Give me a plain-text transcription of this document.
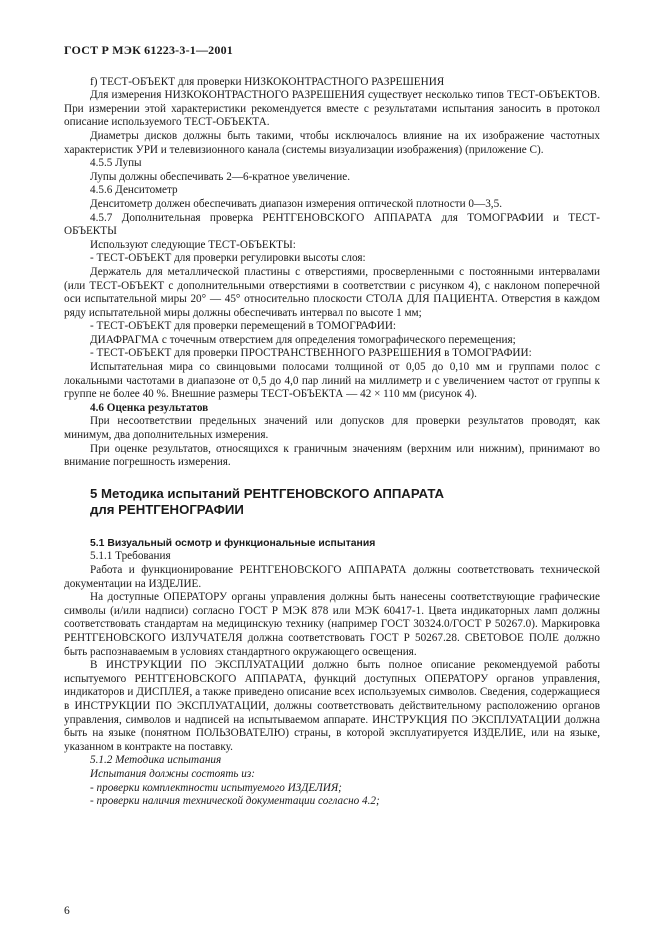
ГОСТ Р МЭК 61223-3-1—2001

f) ТЕСТ-ОБЪЕКТ для проверки НИЗКОКОНТРАСТНОГО РАЗРЕШЕНИЯ

Для измерения НИЗКОКОНТРАСТНОГО РАЗРЕШЕНИЯ существует несколько типов ТЕСТ-ОБЪЕКТОВ. При измерении этой характеристики рекомендуется вместе с результатами испытания заносить в протокол описание используемого ТЕСТ-ОБЪЕКТА.

Диаметры дисков должны быть такими, чтобы исключалось влияние на их изображение частотных характеристик УРИ и телевизионного канала (системы визуализации изображения) (приложение С).

4.5.5 Лупы

Лупы должны обеспечивать 2—6-кратное увеличение.

4.5.6 Денситометр

Денситометр должен обеспечивать диапазон измерения оптической плотности 0—3,5.

4.5.7 Дополнительная проверка РЕНТГЕНОВСКОГО АППАРАТА для ТОМОГРАФИИ и ТЕСТ-ОБЪЕКТЫ

Используют следующие ТЕСТ-ОБЪЕКТЫ:

- ТЕСТ-ОБЪЕКТ для проверки регулировки высоты слоя:

Держатель для металлической пластины с отверстиями, просверленными с постоянными интервалами (или ТЕСТ-ОБЪЕКТ с дополнительными отверстиями в соответствии с рисунком 4), с наклоном поперечной оси испытательной миры 20° — 45° относительно плоскости СТОЛА ДЛЯ ПАЦИЕНТА. Отверстия в каждом ряду испытательной миры должны обеспечивать интервал по высоте 1 мм;

- ТЕСТ-ОБЪЕКТ для проверки перемещений в ТОМОГРАФИИ:

ДИАФРАГМА с точечным отверстием для определения томографического перемещения;

- ТЕСТ-ОБЪЕКТ для проверки ПРОСТРАНСТВЕННОГО РАЗРЕШЕНИЯ в ТОМОГРАФИИ:

Испытательная мира со свинцовыми полосами толщиной от 0,05 до 0,10 мм и группами полос с локальными частотами в диапазоне от 0,5 до 4,0 пар линий на миллиметр и с увеличением частот от группы к группе не более 40 %. Внешние размеры ТЕСТ-ОБЪЕКТА — 42 × 110 мм (рисунок 4).

4.6 Оценка результатов

При несоответствии предельных значений или допусков для проверки результатов проводят, как минимум, два дополнительных измерения.

При оценке результатов, относящихся к граничным значениям (верхним или нижним), принимают во внимание погрешность измерения.

5 Методика испытаний РЕНТГЕНОВСКОГО АППАРАТА
для РЕНТГЕНОГРАФИИ

5.1 Визуальный осмотр и функциональные испытания

5.1.1 Требования

Работа и функционирование РЕНТГЕНОВСКОГО АППАРАТА должны соответствовать технической документации на ИЗДЕЛИЕ.

На доступные ОПЕРАТОРУ органы управления должны быть нанесены соответствующие графические символы (и/или надписи) согласно ГОСТ Р МЭК 878 или МЭК 60417-1. Цвета индикаторных ламп должны соответствовать стандартам на медицинскую технику (например ГОСТ 30324.0/ГОСТ Р 50267.0). Маркировка РЕНТГЕНОВСКОГО ИЗЛУЧАТЕЛЯ должна соответствовать ГОСТ Р 50267.28. СВЕТОВОЕ ПОЛЕ должно быть распознаваемым в условиях стандартного окружающего освещения.

В ИНСТРУКЦИИ ПО ЭКСПЛУАТАЦИИ должно быть полное описание рекомендуемой работы испытуемого РЕНТГЕНОВСКОГО АППАРАТА, функций доступных ОПЕРАТОРУ органов управления, индикаторов и ДИСПЛЕЯ, а также приведено описание всех используемых символов. Сведения, содержащиеся в ИНСТРУКЦИИ ПО ЭКСПЛУАТАЦИИ, должны соответствовать действительному расположению органов управления, символов и надписей на испытываемом аппарате. ИНСТРУКЦИЯ ПО ЭКСПЛУАТАЦИИ должна быть на языке (понятном ПОЛЬЗОВАТЕЛЮ) страны, в которой эксплуатируется ИЗДЕЛИЕ, или на языке, указанном в контракте на поставку.

5.1.2 Методика испытания

Испытания должны состоять из:

- проверки комплектности испытуемого ИЗДЕЛИЯ;

- проверки наличия технической документации согласно 4.2;

6
